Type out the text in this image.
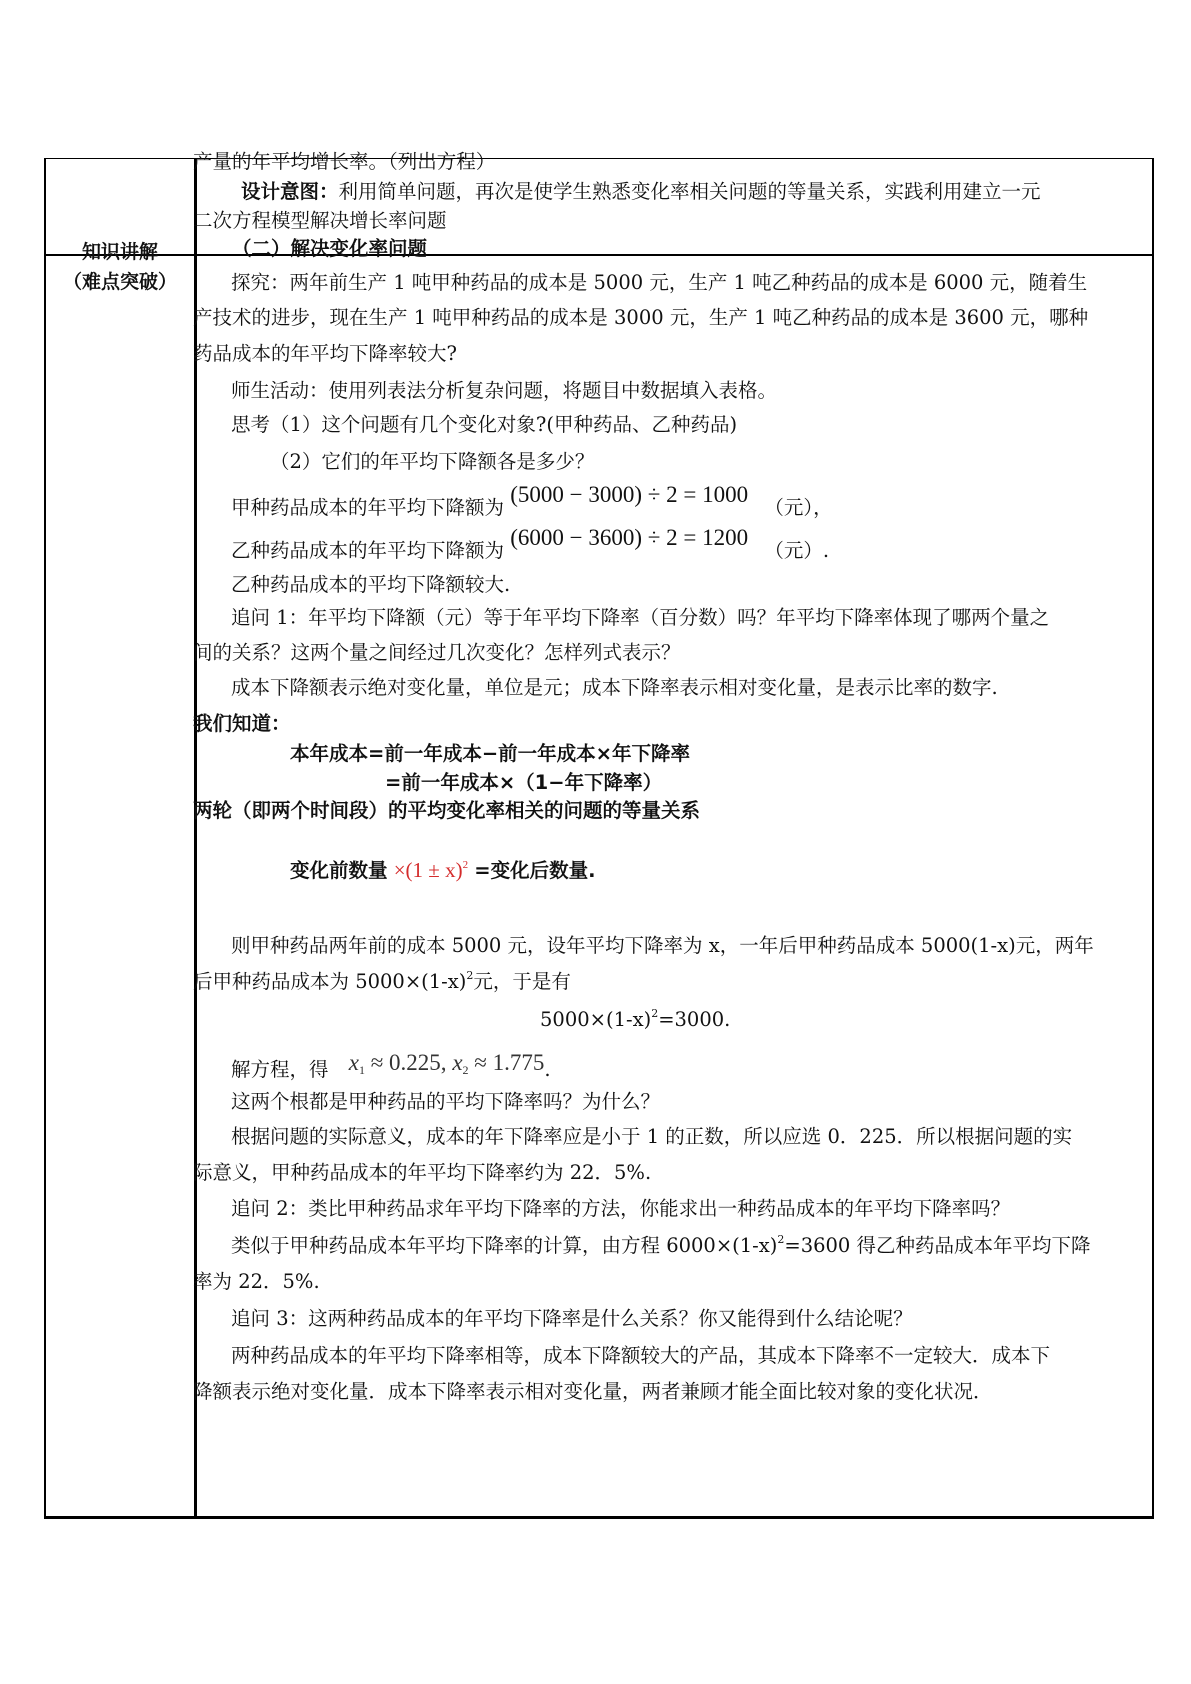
知识讲解
（难点突破）
产量的年平均增长率。（列出方程）
设计意图：利用简单问题，再次是使学生熟悉变化率相关问题的等量关系，实践利用建立一元
二次方程模型解决增长率问题
（二）解决变化率问题
探究：两年前生产 1 吨甲种药品的成本是 5000 元，生产 1 吨乙种药品的成本是 6000 元，随着生
产技术的进步，现在生产 1 吨甲种药品的成本是 3000 元，生产 1 吨乙种药品的成本是 3600 元，哪种
药品成本的年平均下降率较大?
师生活动：使用列表法分析复杂问题，将题目中数据填入表格。
思考（1）这个问题有几个变化对象?(甲种药品、乙种药品)
（2）它们的年平均下降额各是多少？
甲种药品成本的年平均下降额为 (5000 − 3000) ÷ 2 = 1000 （元），
乙种药品成本的年平均下降额为 (6000 − 3600) ÷ 2 = 1200 （元）.
乙种药品成本的平均下降额较大.
追问 1：年平均下降额（元）等于年平均下降率（百分数）吗？年平均下降率体现了哪两个量之
间的关系？这两个量之间经过几次变化？怎样列式表示？
成本下降额表示绝对变化量，单位是元；成本下降率表示相对变化量，是表示比率的数字.
我们知道：
本年成本=前一年成本−前一年成本×年下降率
=前一年成本×（1−年下降率）
两轮（即两个时间段）的平均变化率相关的问题的等量关系
变化前数量 $\times(1 \pm x)^2$ =变化后数量.
则甲种药品两年前的成本 5000 元，设年平均下降率为 x，一年后甲种药品成本 5000(1-x)元，两年
后甲种药品成本为 $5000\times(1-x)^2$元，于是有
$5000\times(1-x)^2=3000$.
解方程，得 $x_1 \approx 0.225$, $x_2 \approx 1.775$.
这两个根都是甲种药品的平均下降率吗？为什么？
根据问题的实际意义，成本的年下降率应是小于 1 的正数，所以应选 0．225．所以根据问题的实
际意义，甲种药品成本的年平均下降率约为 22．5%.
追问 2：类比甲种药品求年平均下降率的方法，你能求出一种药品成本的年平均下降率吗？
类似于甲种药品成本年平均下降率的计算，由方程 $6000\times(1-x)^2=3600$ 得乙种药品成本年平均下降
率为 22．5%.
追问 3：这两种药品成本的年平均下降率是什么关系？你又能得到什么结论呢？
两种药品成本的年平均下降率相等，成本下降额较大的产品，其成本下降率不一定较大．成本下
降额表示绝对变化量．成本下降率表示相对变化量，两者兼顾才能全面比较对象的变化状况．
